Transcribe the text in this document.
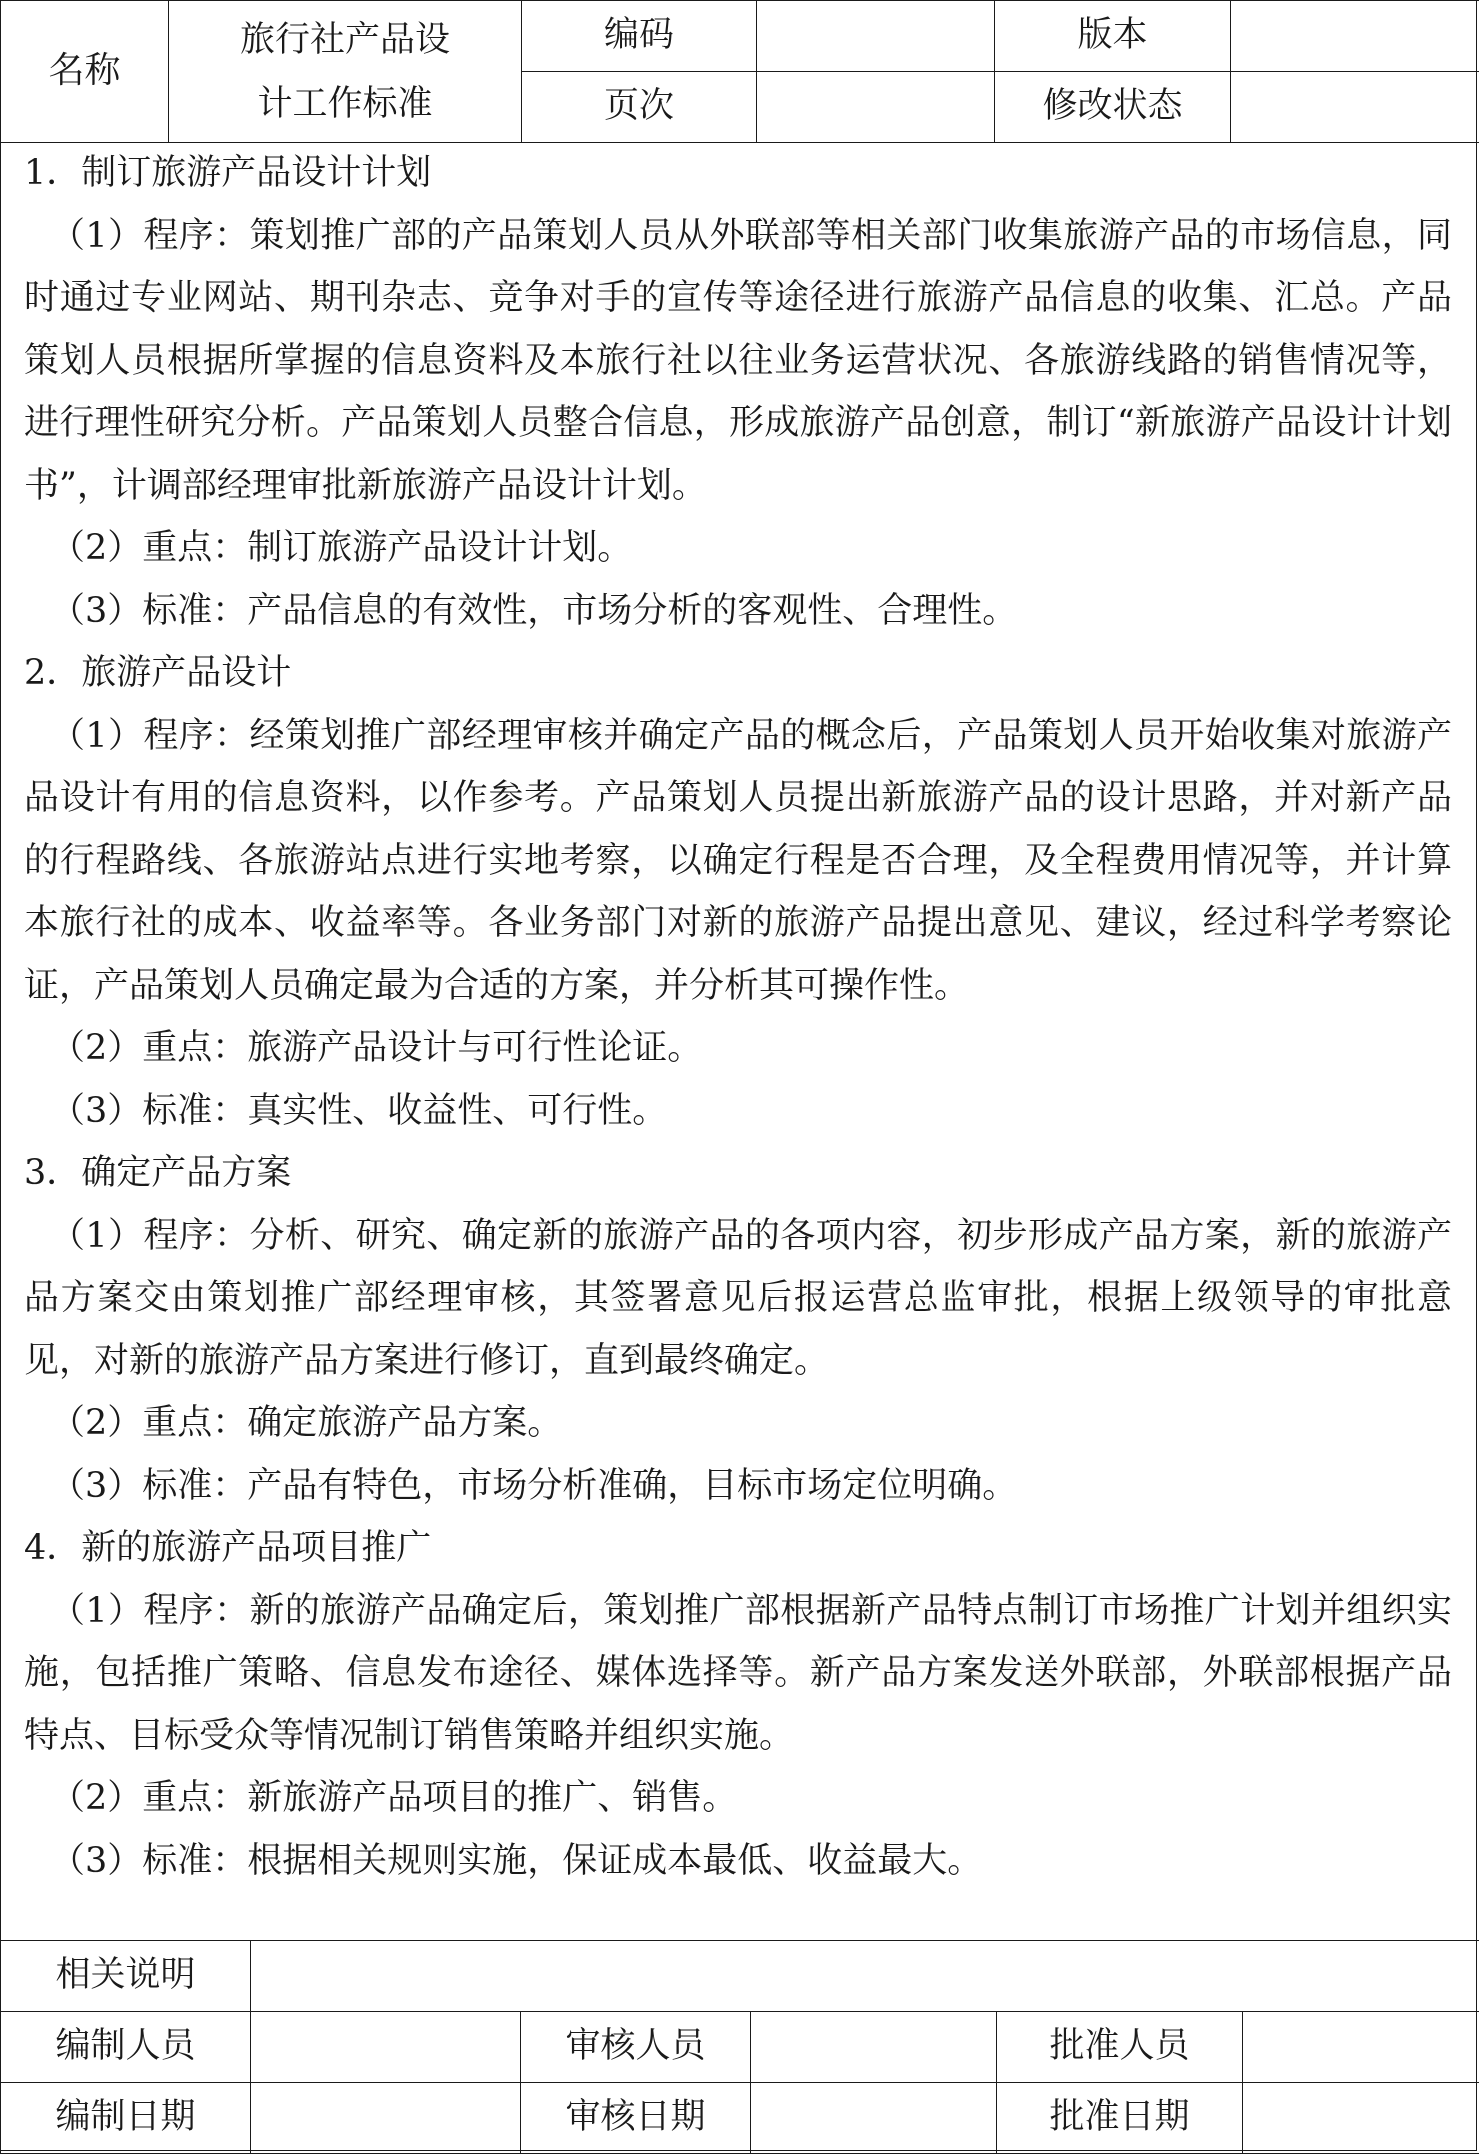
名称	旅行社产品设计工作标准	编码		版本	
		页次		修改状态	

1．制订旅游产品设计计划

（1）程序：策划推广部的产品策划人员从外联部等相关部门收集旅游产品的市场信息，同时通过专业网站、期刊杂志、竞争对手的宣传等途径进行旅游产品信息的收集、汇总。产品策划人员根据所掌握的信息资料及本旅行社以往业务运营状况、各旅游线路的销售情况等，进行理性研究分析。产品策划人员整合信息，形成旅游产品创意，制订“新旅游产品设计计划书”，计调部经理审批新旅游产品设计计划。

（2）重点：制订旅游产品设计计划。

（3）标准：产品信息的有效性，市场分析的客观性、合理性。

2．旅游产品设计

（1）程序：经策划推广部经理审核并确定产品的概念后，产品策划人员开始收集对旅游产品设计有用的信息资料，以作参考。产品策划人员提出新旅游产品的设计思路，并对新产品的行程路线、各旅游站点进行实地考察，以确定行程是否合理，及全程费用情况等，并计算本旅行社的成本、收益率等。各业务部门对新的旅游产品提出意见、建议，经过科学考察论证，产品策划人员确定最为合适的方案，并分析其可操作性。

（2）重点：旅游产品设计与可行性论证。

（3）标准：真实性、收益性、可行性。

3．确定产品方案

（1）程序：分析、研究、确定新的旅游产品的各项内容，初步形成产品方案，新的旅游产品方案交由策划推广部经理审核，其签署意见后报运营总监审批，根据上级领导的审批意见，对新的旅游产品方案进行修订，直到最终确定。

（2）重点：确定旅游产品方案。

（3）标准：产品有特色，市场分析准确，目标市场定位明确。

4．新的旅游产品项目推广

（1）程序：新的旅游产品确定后，策划推广部根据新产品特点制订市场推广计划并组织实施，包括推广策略、信息发布途径、媒体选择等。新产品方案发送外联部，外联部根据产品特点、目标受众等情况制订销售策略并组织实施。

（2）重点：新旅游产品项目的推广、销售。

（3）标准：根据相关规则实施，保证成本最低、收益最大。

相关说明					
编制人员		审核人员		批准人员	
编制日期		审核日期		批准日期	
